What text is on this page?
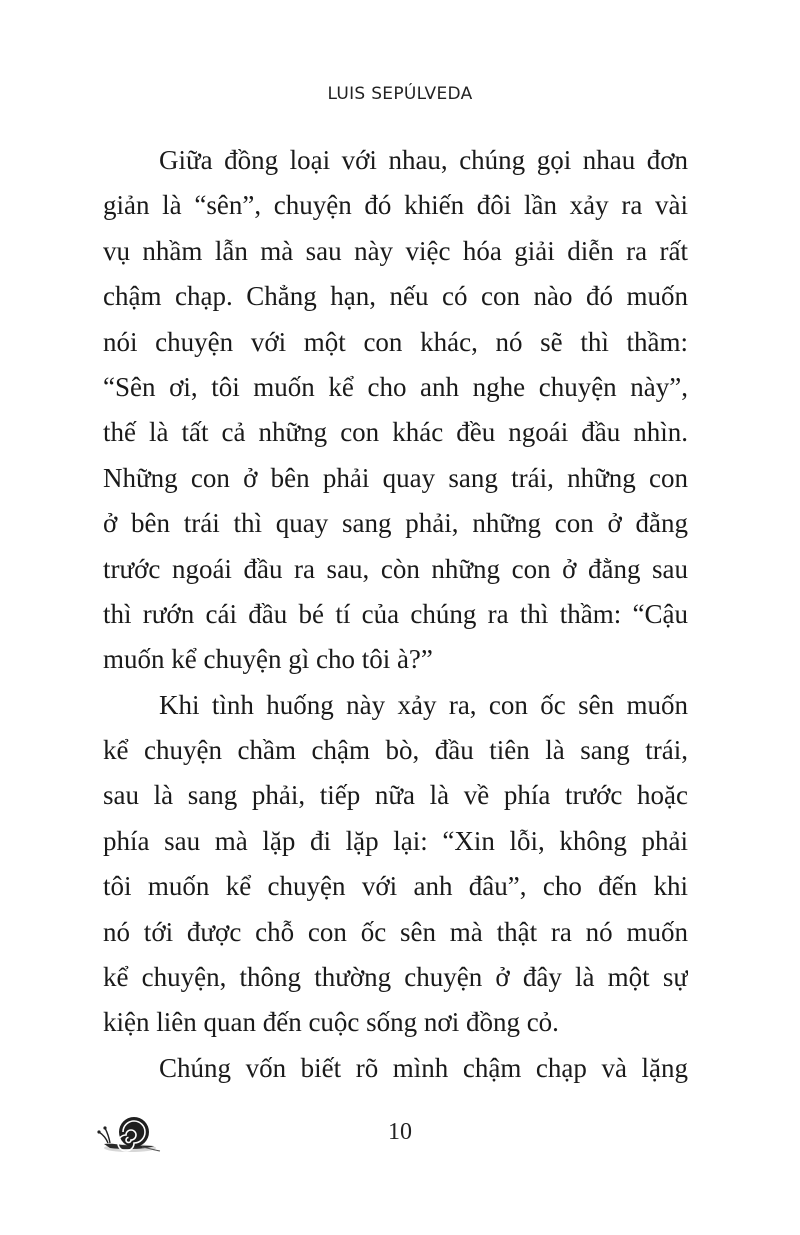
LUIS SEPÚLVEDA
Giữa đồng loại với nhau, chúng gọi nhau đơn
giản là “sên”, chuyện đó khiến đôi lần xảy ra vài
vụ nhầm lẫn mà sau này việc hóa giải diễn ra rất
chậm chạp. Chẳng hạn, nếu có con nào đó muốn
nói chuyện với một con khác, nó sẽ thì thầm:
“Sên ơi, tôi muốn kể cho anh nghe chuyện này”,
thế là tất cả những con khác đều ngoái đầu nhìn.
Những con ở bên phải quay sang trái, những con
ở bên trái thì quay sang phải, những con ở đằng
trước ngoái đầu ra sau, còn những con ở đằng sau
thì rướn cái đầu bé tí của chúng ra thì thầm: “Cậu
muốn kể chuyện gì cho tôi à?”
Khi tình huống này xảy ra, con ốc sên muốn
kể chuyện chầm chậm bò, đầu tiên là sang trái,
sau là sang phải, tiếp nữa là về phía trước hoặc
phía sau mà lặp đi lặp lại: “Xin lỗi, không phải
tôi muốn kể chuyện với anh đâu”, cho đến khi
nó tới được chỗ con ốc sên mà thật ra nó muốn
kể chuyện, thông thường chuyện ở đây là một sự
kiện liên quan đến cuộc sống nơi đồng cỏ.
Chúng vốn biết rõ mình chậm chạp và lặng
10
